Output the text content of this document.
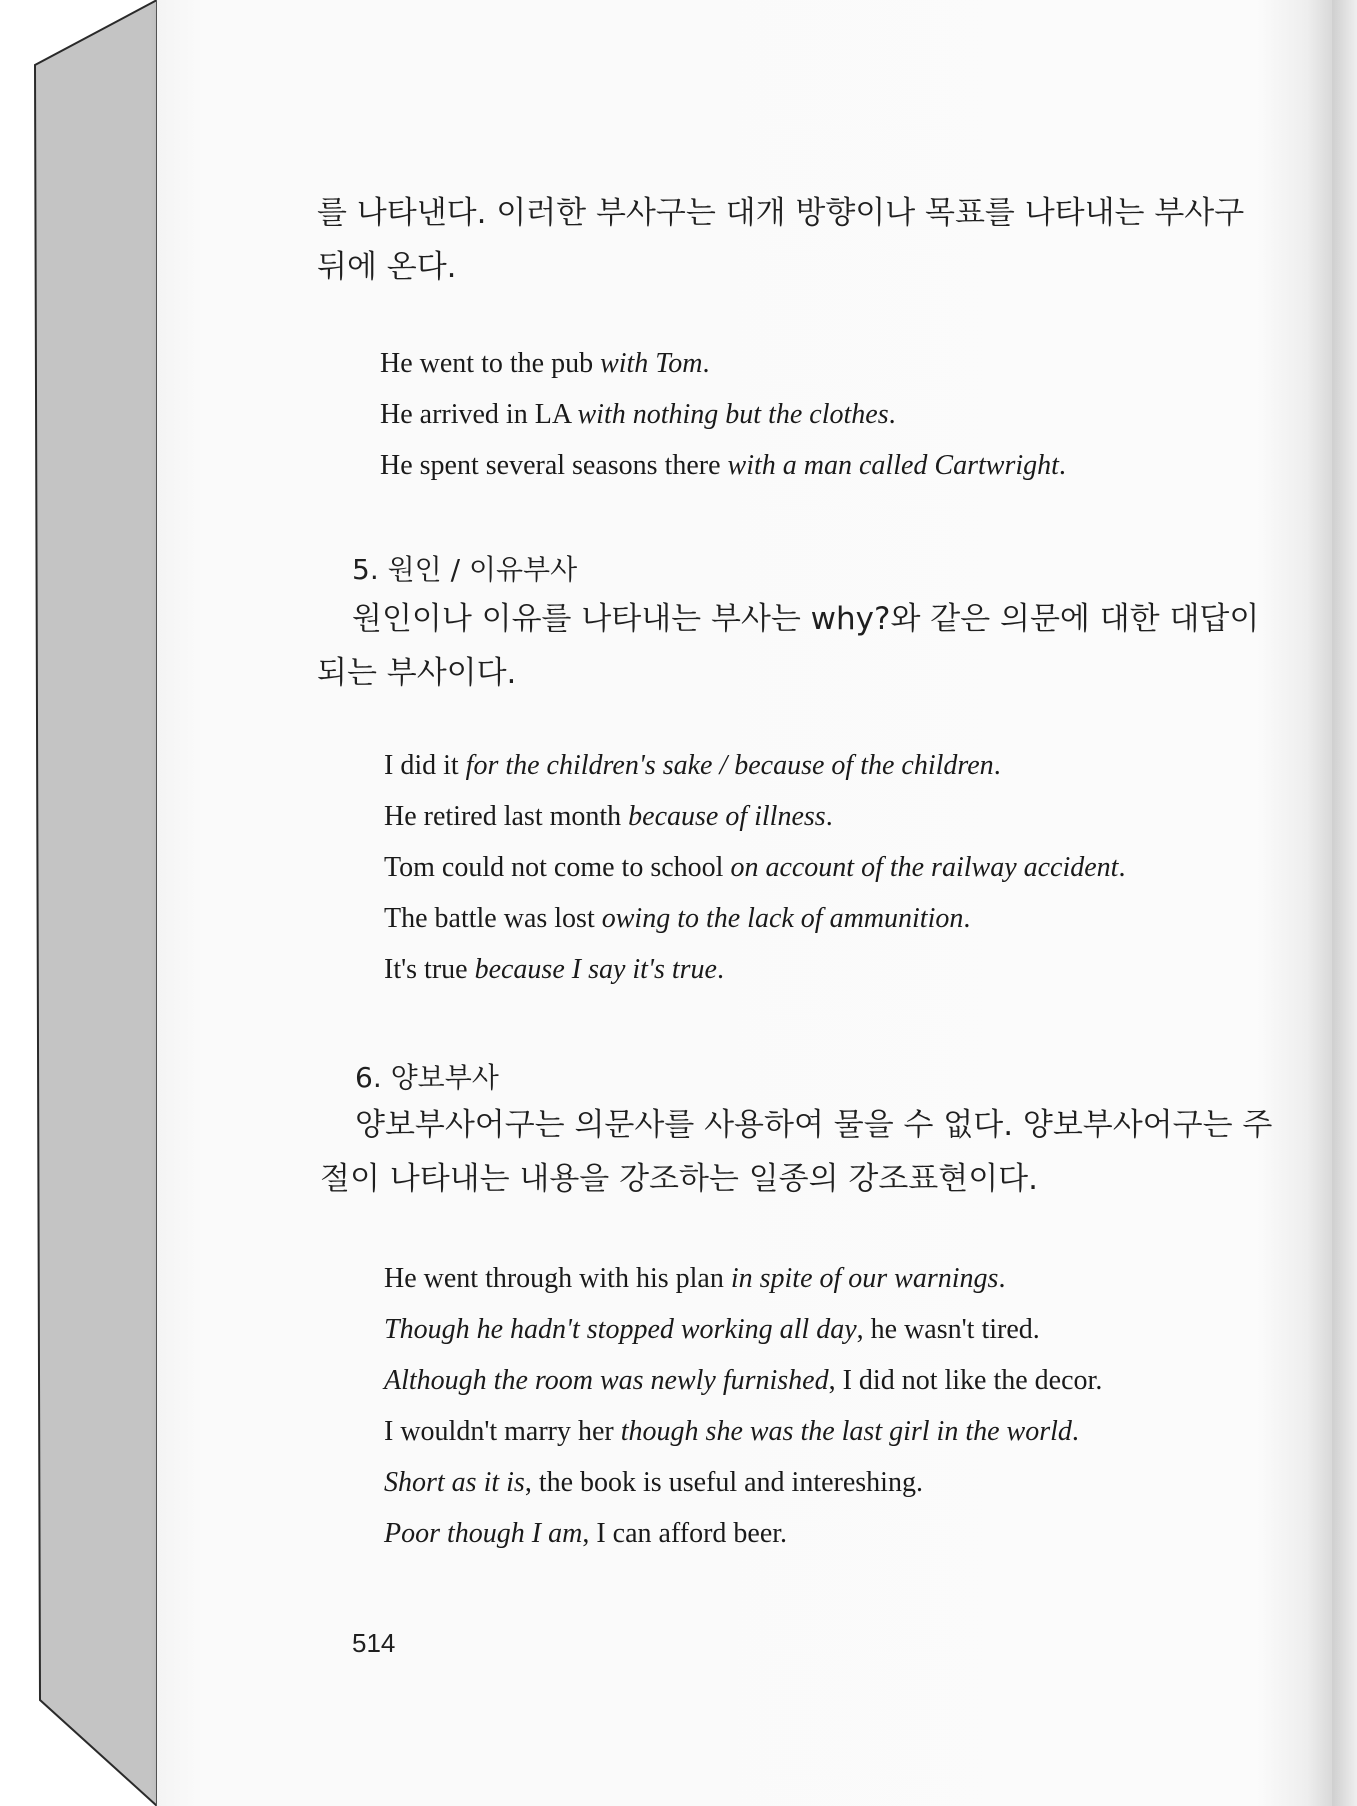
를 나타낸다. 이러한 부사구는 대개 방향이나 목표를 나타내는 부사구
뒤에 온다.
He went to the pub with Tom.
He arrived in LA with nothing but the clothes.
He spent several seasons there with a man called Cartwright.
5. 원인 / 이유부사
원인이나 이유를 나타내는 부사는 why?와 같은 의문에 대한 대답이
되는 부사이다.
I did it for the children's sake / because of the children.
He retired last month because of illness.
Tom could not come to school on account of the railway accident.
The battle was lost owing to the lack of ammunition.
It's true because I say it's true.
6. 양보부사
양보부사어구는 의문사를 사용하여 물을 수 없다. 양보부사어구는 주
절이 나타내는 내용을 강조하는 일종의 강조표현이다.
He went through with his plan in spite of our warnings.
Though he hadn't stopped working all day, he wasn't tired.
Although the room was newly furnished, I did not like the decor.
I wouldn't marry her though she was the last girl in the world.
Short as it is, the book is useful and intereshing.
Poor though I am, I can afford beer.
514
